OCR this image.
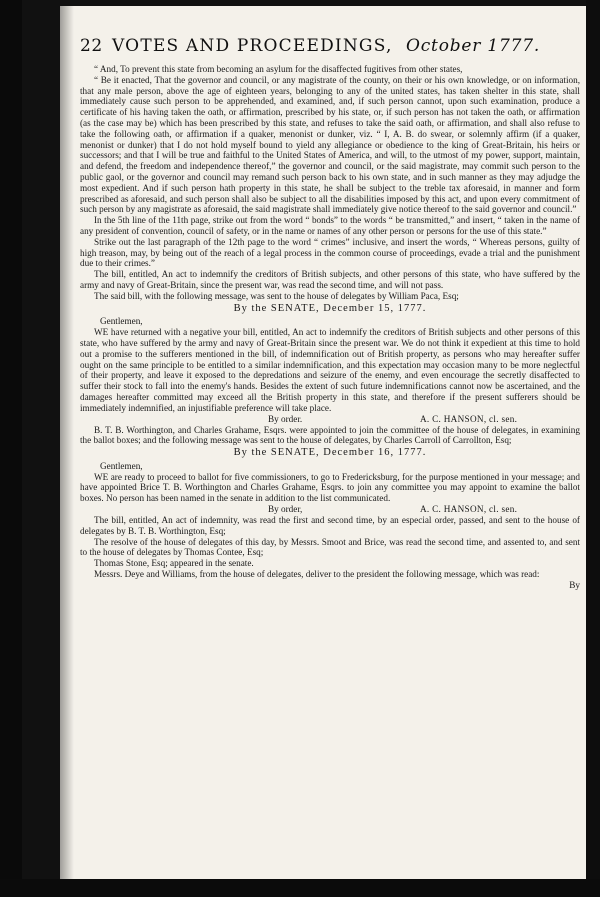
22 VOTES AND PROCEEDINGS, October 1777.

“ And, To prevent this state from becoming an asylum for the disaffected fugitives from other states,

“ Be it enacted, That the governor and council, or any magistrate of the county, on their or his own knowledge, or on information, that any male person, above the age of eighteen years, belonging to any of the united states, has taken shelter in this state, shall immediately cause such person to be apprehended, and examined, and, if such person cannot, upon such examination, produce a certificate of his having taken the oath, or affirmation, prescribed by his state, or, if such person has not taken the oath, or affirmation (as the case may be) which has been prescribed by this state, and refuses to take the said oath, or affirmation, and shall also refuse to take the following oath, or affirmation if a quaker, menonist or dunker, viz. “ I, A. B. do swear, or solemnly affirm (if a quaker, menonist or dunker) that I do not hold myself bound to yield any allegiance or obedience to the king of Great-Britain, his heirs or successors; and that I will be true and faithful to the United States of America, and will, to the utmost of my power, support, maintain, and defend, the freedom and independence thereof,” the governor and council, or the said magistrate, may commit such person to the public gaol, or the governor and council may remand such person back to his own state, and in such manner as they may adjudge the most expedient. And if such person hath property in this state, he shall be subject to the treble tax aforesaid, in manner and form prescribed as aforesaid, and such person shall also be subject to all the disabilities imposed by this act, and upon every commitment of such person by any magistrate as aforesaid, the said magistrate shall immediately give notice thereof to the said governor and council.”

In the 5th line of the 11th page, strike out from the word “ bonds” to the words “ be transmitted,” and insert, “ taken in the name of any president of convention, council of safety, or in the name or names of any other person or persons for the use of this state.”

Strike out the last paragraph of the 12th page to the word “ crimes” inclusive, and insert the words, “ Whereas persons, guilty of high treason, may, by being out of the reach of a legal process in the common course of proceedings, evade a trial and the punishment due to their crimes.”

The bill, entitled, An act to indemnify the creditors of British subjects, and other persons of this state, who have suffered by the army and navy of Great-Britain, since the present war, was read the second time, and will not pass.

The said bill, with the following message, was sent to the house of delegates by William Paca, Esq;

By the SENATE, December 15, 1777.

Gentlemen,

WE have returned with a negative your bill, entitled, An act to indemnify the creditors of British subjects and other persons of this state, who have suffered by the army and navy of Great-Britain since the present war. We do not think it expedient at this time to hold out a promise to the sufferers mentioned in the bill, of indemnification out of British property, as persons who may hereafter suffer ought on the same principle to be entitled to a similar indemnification, and this expectation may occasion many to be more neglectful of their property, and leave it exposed to the depredations and seizure of the enemy, and even encourage the secretly disaffected to suffer their stock to fall into the enemy's hands. Besides the extent of such future indemnifications cannot now be ascertained, and the damages hereafter committed may exceed all the British property in this state, and therefore if the present sufferers should be immediately indemnified, an injustifiable preference will take place.

By order.	A. C. HANSON, cl. sen.

B. T. B. Worthington, and Charles Grahame, Esqrs. were appointed to join the committee of the house of delegates, in examining the ballot boxes; and the following message was sent to the house of delegates, by Charles Carroll of Carrollton, Esq;

By the SENATE, December 16, 1777.

Gentlemen,

WE are ready to proceed to ballot for five commissioners, to go to Fredericksburg, for the purpose mentioned in your message; and have appointed Brice T. B. Worthington and Charles Grahame, Esqrs. to join any committee you may appoint to examine the ballot boxes. No person has been named in the senate in addition to the list communicated.

By order,	A. C. HANSON, cl. sen.

The bill, entitled, An act of indemnity, was read the first and second time, by an especial order, passed, and sent to the house of delegates by B. T. B. Worthington, Esq;

The resolve of the house of delegates of this day, by Messrs. Smoot and Brice, was read the second time, and assented to, and sent to the house of delegates by Thomas Contee, Esq;

Thomas Stone, Esq; appeared in the senate.

Messrs. Deye and Williams, from the house of delegates, deliver to the president the following message, which was read:

By
